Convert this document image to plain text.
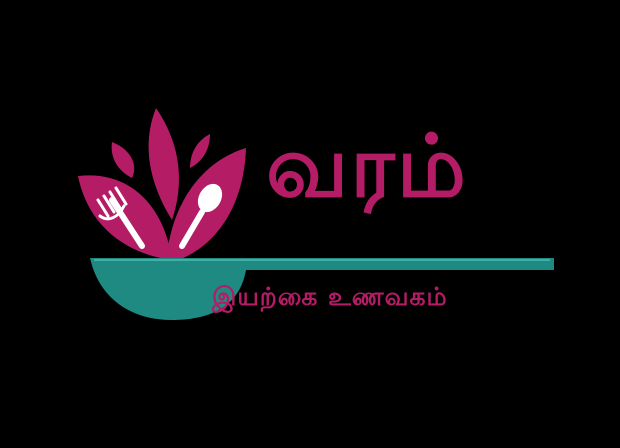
வரம்
இயற்கை உணவகம்
